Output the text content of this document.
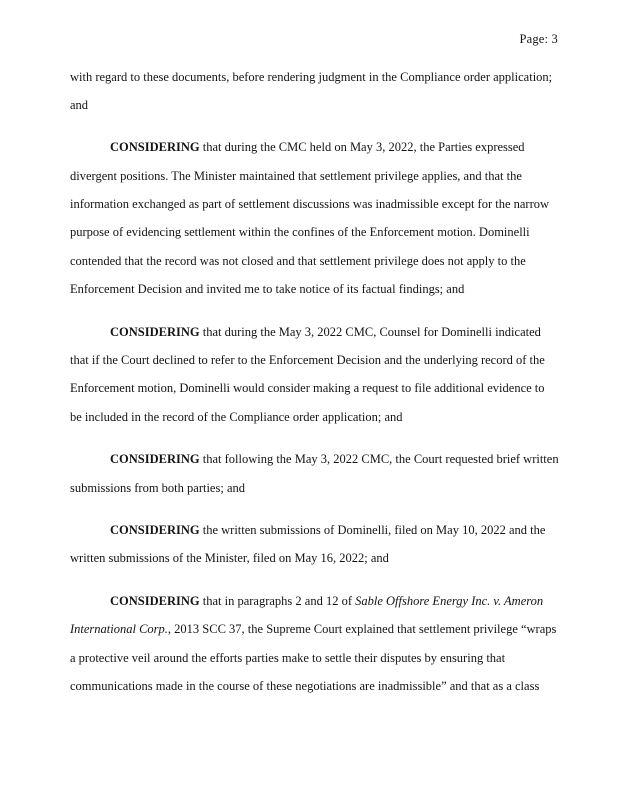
Page: 3
with regard to these documents, before rendering judgment in the Compliance order application;
and
CONSIDERING that during the CMC held on May 3, 2022, the Parties expressed
divergent positions. The Minister maintained that settlement privilege applies, and that the
information exchanged as part of settlement discussions was inadmissible except for the narrow
purpose of evidencing settlement within the confines of the Enforcement motion. Dominelli
contended that the record was not closed and that settlement privilege does not apply to the
Enforcement Decision and invited me to take notice of its factual findings; and
CONSIDERING that during the May 3, 2022 CMC, Counsel for Dominelli indicated
that if the Court declined to refer to the Enforcement Decision and the underlying record of the
Enforcement motion, Dominelli would consider making a request to file additional evidence to
be included in the record of the Compliance order application; and
CONSIDERING that following the May 3, 2022 CMC, the Court requested brief written
submissions from both parties; and
CONSIDERING the written submissions of Dominelli, filed on May 10, 2022 and the
written submissions of the Minister, filed on May 16, 2022; and
CONSIDERING that in paragraphs 2 and 12 of Sable Offshore Energy Inc. v. Ameron
International Corp., 2013 SCC 37, the Supreme Court explained that settlement privilege “wraps
a protective veil around the efforts parties make to settle their disputes by ensuring that
communications made in the course of these negotiations are inadmissible” and that as a class
